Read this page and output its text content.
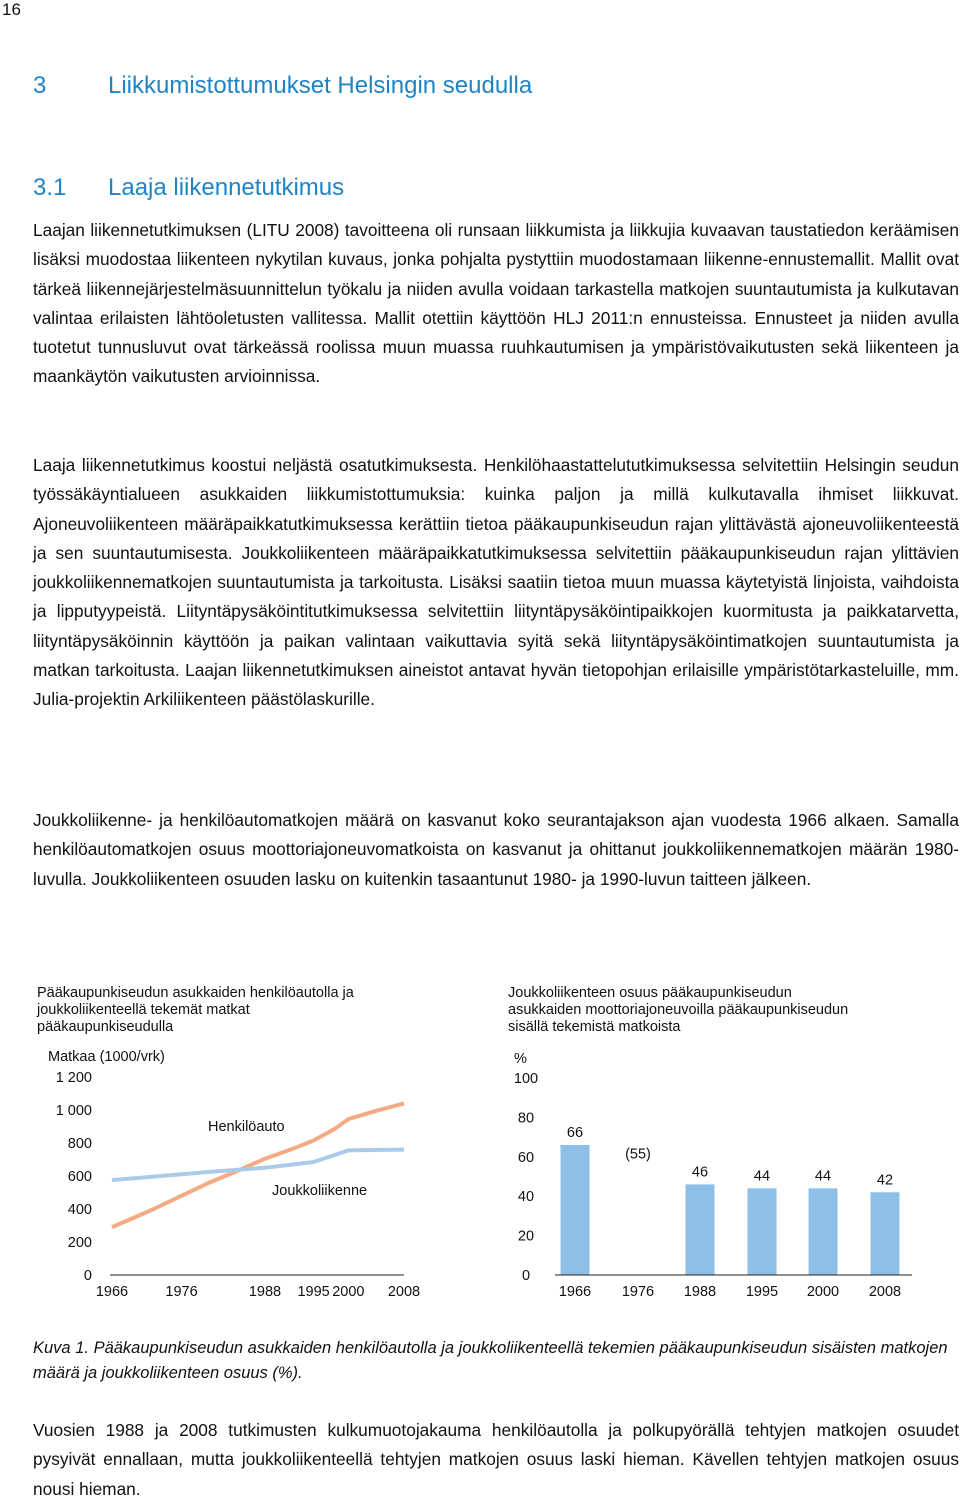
16
3	Liikkumistottumukset Helsingin seudulla
3.1 Laaja liikennetutkimus

Laajan liikennetutkimuksen (LITU 2008) tavoitteena oli runsaan liikkumista ja liikkujia kuvaavan taustatiedon keräämisen lisäksi muodostaa liikenteen nykytilan kuvaus, jonka pohjalta pystyttiin muodostamaan liikenne-ennustemallit. Mallit ovat tärkeä liikennejärjestelmäsuunnittelun työkalu ja niiden avulla voidaan tarkastella matkojen suuntautumista ja kulkutavan valintaa erilaisten lähtöoletusten vallitessa. Mallit otettiin käyttöön HLJ 2011:n ennusteissa. Ennusteet ja niiden avulla tuotetut tunnusluvut ovat tärkeässä roolissa muun muassa ruuhkautumisen ja ympäristövaikutusten sekä liikenteen ja maankäytön vaikutusten arvioinnissa.

Laaja liikennetutkimus koostui neljästä osatutkimuksesta. Henkilöhaastattelututkimuksessa selvitettiin Helsingin seudun työssäkäyntialueen asukkaiden liikkumistottumuksia: kuinka paljon ja millä kulkutavalla ihmiset liikkuvat. Ajoneuvoliikenteen määräpaikkatutkimuksessa kerättiin tietoa pääkaupunkiseudun rajan ylittävästä ajoneuvoliikenteestä ja sen suuntautumisesta. Joukkoliikenteen määräpaikkatutkimuksessa selvitettiin pääkaupunkiseudun rajan ylittävien joukkoliikennematkojen suuntautumista ja tarkoitusta. Lisäksi saatiin tietoa muun muassa käytetyistä linjoista, vaihdoista ja lipputyypeistä. Liityntäpysäköintitutkimuksessa selvitettiin liityntäpysäköintipaikkojen kuormitusta ja paikkatarvetta, liityntäpysäköinnin käyttöön ja paikan valintaan vaikuttavia syitä sekä liityntäpysäköintimatkojen suuntautumista ja matkan tarkoitusta. Laajan liikennetutkimuksen aineistot antavat hyvän tietopohjan erilaisille ympäristötarkasteluille, mm. Julia-projektin Arkiliikenteen päästölaskurille.

Joukkoliikenne- ja henkilöautomatkojen määrä on kasvanut koko seurantajakson ajan vuodesta 1966 alkaen. Samalla henkilöautomatkojen osuus moottoriajoneuvomatkoista on kasvanut ja ohittanut joukkoliikennematkojen määrän 1980-luvulla. Joukkoliikenteen osuuden lasku on kuitenkin tasaantunut 1980- ja 1990-luvun taitteen jälkeen.

Pääkaupunkiseudun asukkaiden henkilöautolla ja joukkoliikenteellä tekemät matkat pääkaupunkiseudulla

Joukkoliikenteen osuus pääkaupunkiseudun asukkaiden moottoriajoneuvoilla pääkaupunkiseudun sisällä tekemistä matkoista

Matkaa (1000/vrk)
0
200
400
600
800
1 000
1 200
1966	1976	1988 1995 2000 2008
Henkilöauto
Joukkoliikenne
%
0
20
40
60
80
100
66
(55)
46	44	44	42
1966 1976 1988 1995 2000 2008

Kuva 1. Pääkaupunkiseudun asukkaiden henkilöautolla ja joukkoliikenteellä tekemien pääkaupunkiseudun sisäisten matkojen määrä ja joukkoliikenteen osuus (%).

Vuosien 1988 ja 2008 tutkimusten kulkumuotojakauma henkilöautolla ja polkupyörällä tehtyjen matkojen osuudet pysyivät ennallaan, mutta joukkoliikenteellä tehtyjen matkojen osuus laski hieman. Kävellen tehtyjen matkojen osuus nousi hieman.
